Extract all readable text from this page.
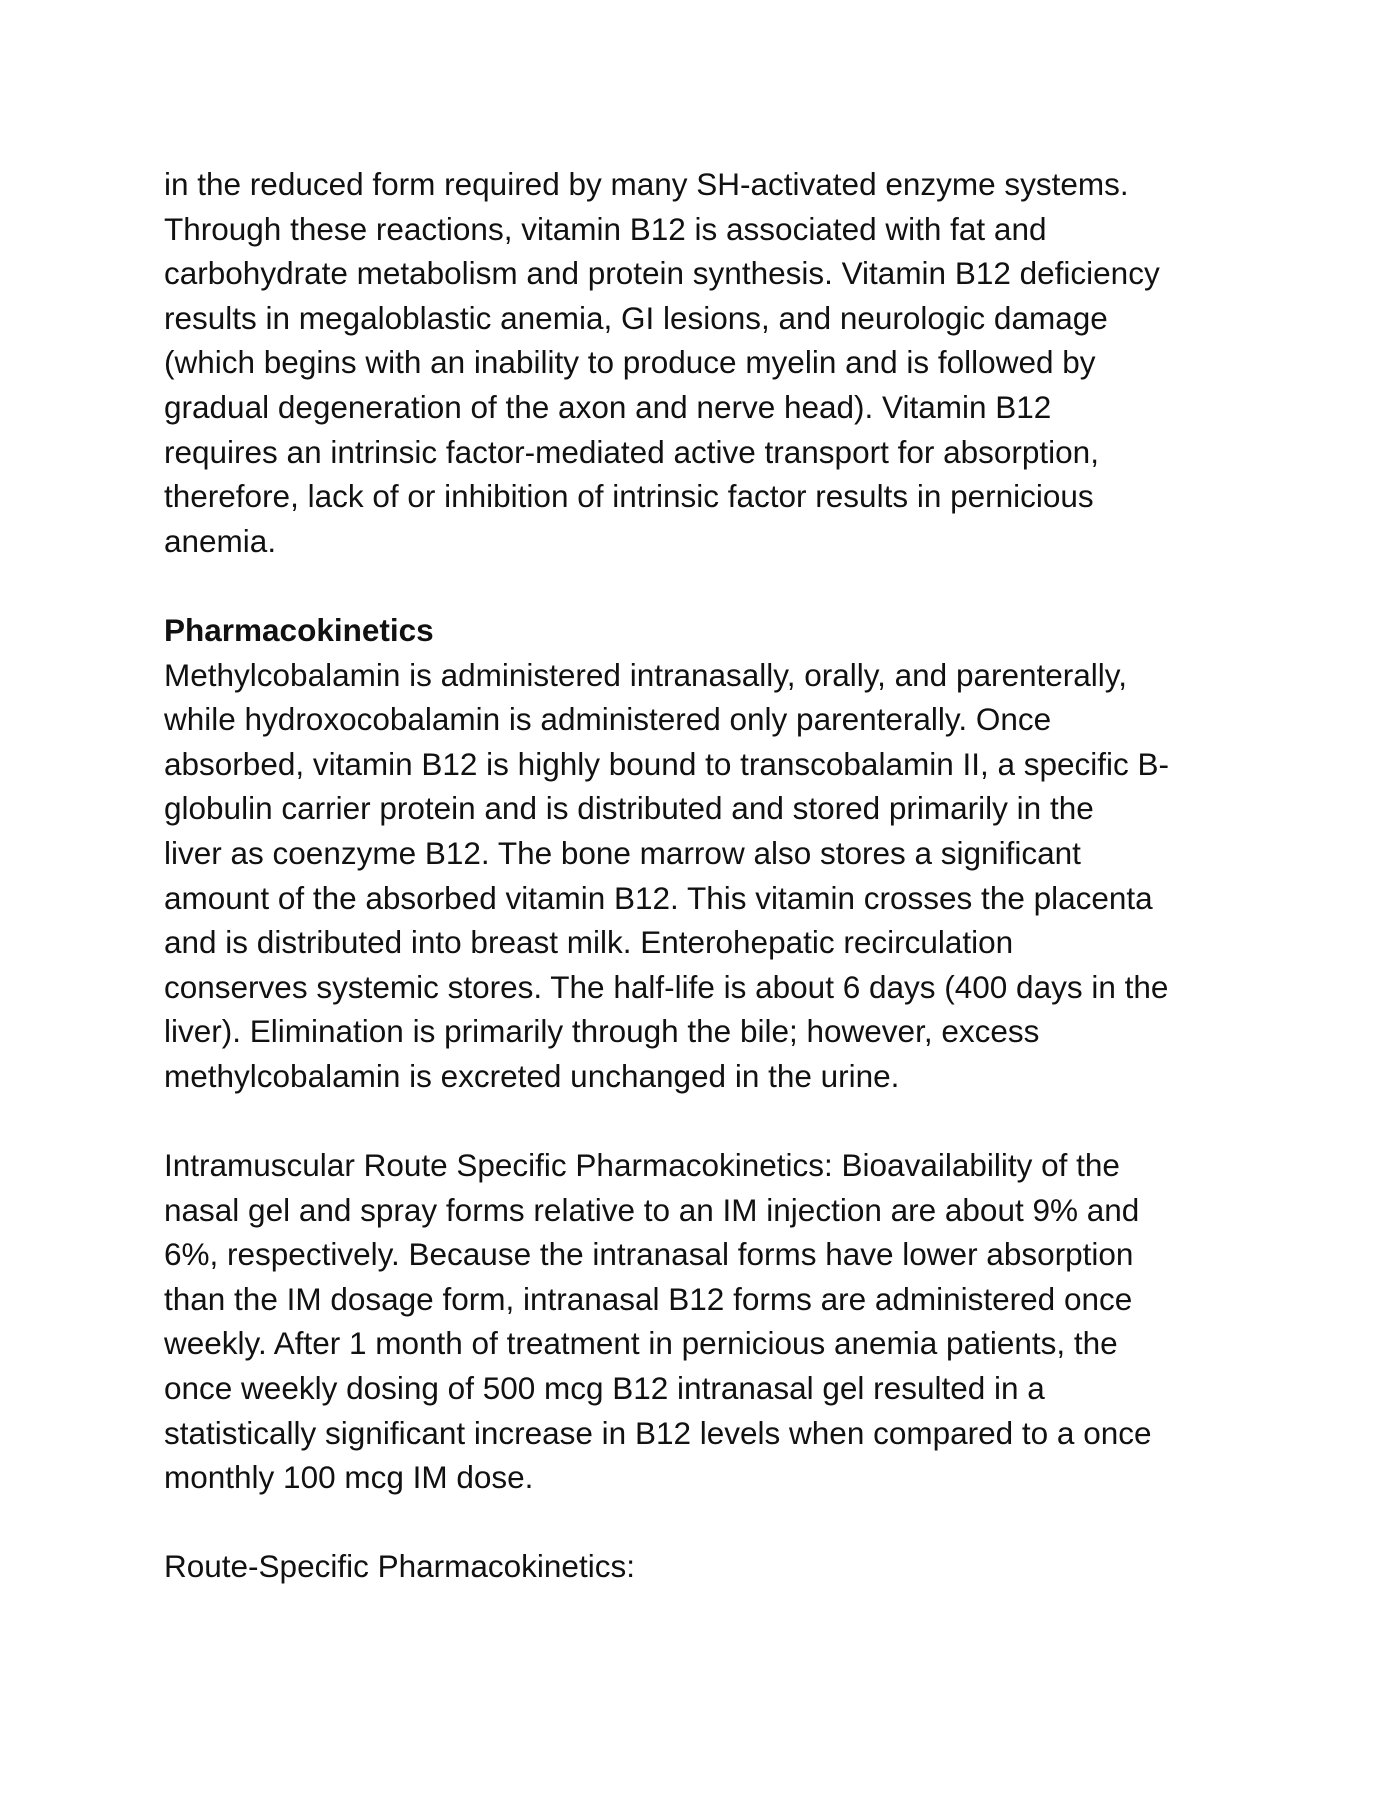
in the reduced form required by many SH-activated enzyme systems.
Through these reactions, vitamin B12 is associated with fat and
carbohydrate metabolism and protein synthesis. Vitamin B12 deficiency
results in megaloblastic anemia, GI lesions, and neurologic damage
(which begins with an inability to produce myelin and is followed by
gradual degeneration of the axon and nerve head). Vitamin B12
requires an intrinsic factor-mediated active transport for absorption,
therefore, lack of or inhibition of intrinsic factor results in pernicious
anemia.
Pharmacokinetics
Methylcobalamin is administered intranasally, orally, and parenterally,
while hydroxocobalamin is administered only parenterally. Once
absorbed, vitamin B12 is highly bound to transcobalamin II, a specific B-
globulin carrier protein and is distributed and stored primarily in the
liver as coenzyme B12. The bone marrow also stores a significant
amount of the absorbed vitamin B12. This vitamin crosses the placenta
and is distributed into breast milk. Enterohepatic recirculation
conserves systemic stores. The half-life is about 6 days (400 days in the
liver). Elimination is primarily through the bile; however, excess
methylcobalamin is excreted unchanged in the urine.
Intramuscular Route Specific Pharmacokinetics: Bioavailability of the
nasal gel and spray forms relative to an IM injection are about 9% and
6%, respectively. Because the intranasal forms have lower absorption
than the IM dosage form, intranasal B12 forms are administered once
weekly. After 1 month of treatment in pernicious anemia patients, the
once weekly dosing of 500 mcg B12 intranasal gel resulted in a
statistically significant increase in B12 levels when compared to a once
monthly 100 mcg IM dose.
Route-Specific Pharmacokinetics:
